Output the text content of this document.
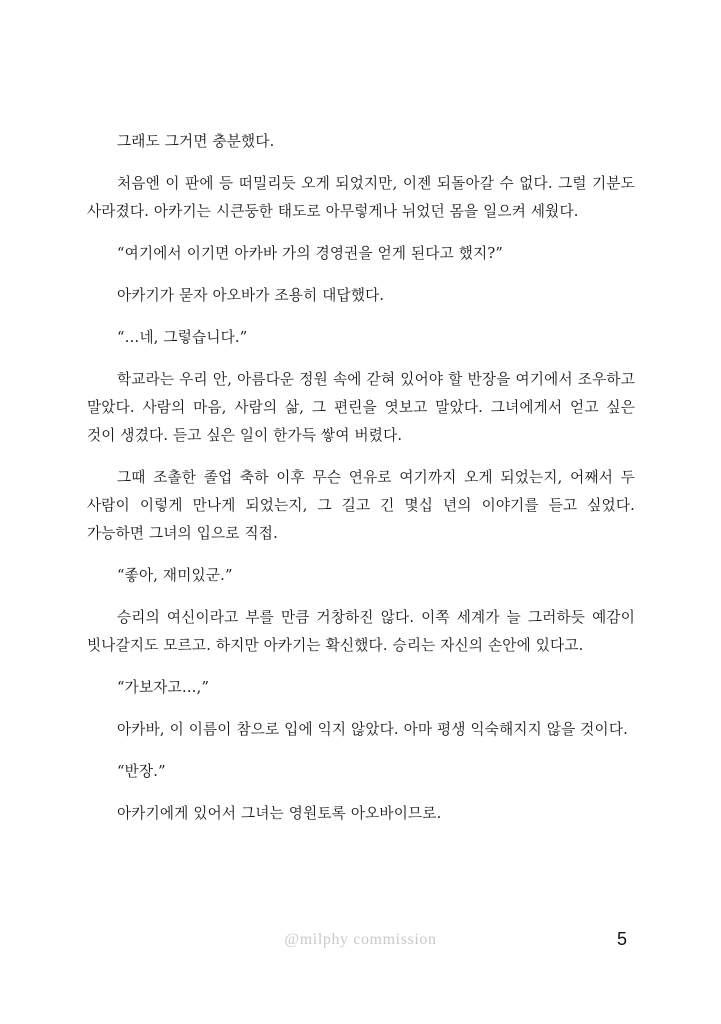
그래도 그거면 충분했다.

처음엔 이 판에 등 떠밀리듯 오게 되었지만, 이젠 되돌아갈 수 없다. 그럴 기분도 사라졌다. 아카기는 시큰둥한 태도로 아무렇게나 뉘었던 몸을 일으켜 세웠다.

“여기에서 이기면 아카바 가의 경영권을 얻게 된다고 했지?”

아카기가 묻자 아오바가 조용히 대답했다.

“…네, 그렇습니다.”

학교라는 우리 안, 아름다운 정원 속에 갇혀 있어야 할 반장을 여기에서 조우하고 말았다. 사람의 마음, 사람의 삶, 그 편린을 엿보고 말았다. 그녀에게서 얻고 싶은 것이 생겼다. 듣고 싶은 일이 한가득 쌓여 버렸다.

그때 조촐한 졸업 축하 이후 무슨 연유로 여기까지 오게 되었는지, 어째서 두 사람이 이렇게 만나게 되었는지, 그 길고 긴 몇십 년의 이야기를 듣고 싶었다. 가능하면 그녀의 입으로 직접.

“좋아, 재미있군.”

승리의 여신이라고 부를 만큼 거창하진 않다. 이쪽 세계가 늘 그러하듯 예감이 빗나갈지도 모르고. 하지만 아카기는 확신했다. 승리는 자신의 손안에 있다고.

“가보자고…,”

아카바, 이 이름이 참으로 입에 익지 않았다. 아마 평생 익숙해지지 않을 것이다.

“반장.”

아카기에게 있어서 그녀는 영원토록 아오바이므로.

@milphy commission	5
